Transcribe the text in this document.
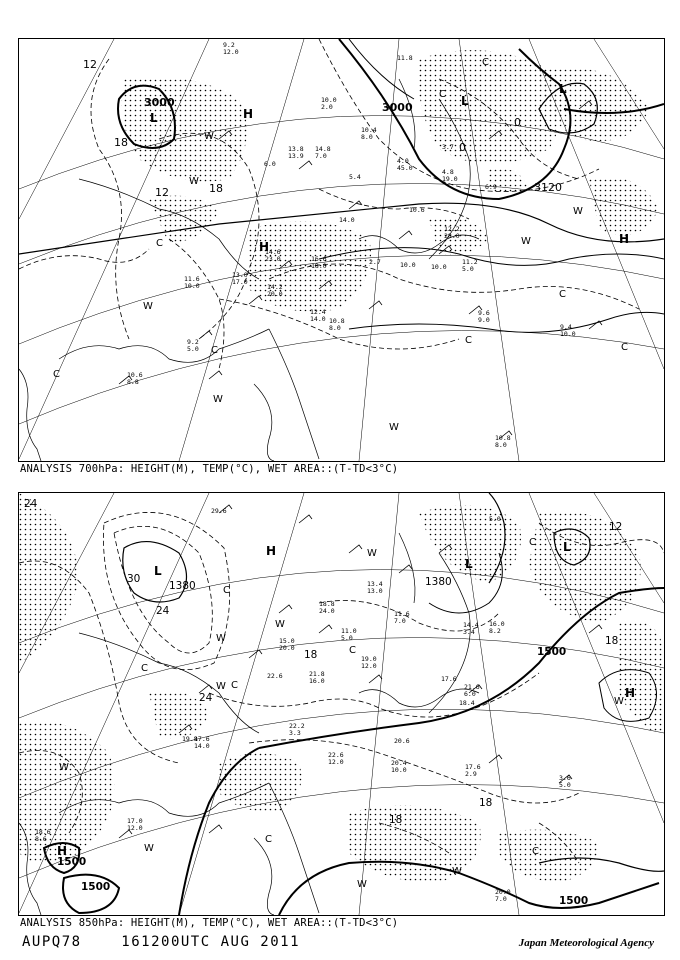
3000	3000
3120
18
12
12
18
0
0
L
L
L
H
H
H
W
W
W
W
W
W
W
C
C
C
C
C
C
C
C
9.2
12.0
10.0
2.0
11.8
13.8 14.8
7.0
6.0
13.9
10.4
8.0
5.4
4.0
45.0
10.6
14.0
2.7	10.0
16.6
18.0
12.2
28.0
10.0
11.2
5.0
14.6
23.0
13.0
17.0
14.2
20.0
12.4
14.0 10.8
8.0	9.4
10.0
9.6
9.0
11.6
10.0
9.2
5.0
10.6
8.8
10.8
8.0
4.8
19.0
3.7
6.9
ANALYSIS 700hPa: HEIGHT(M), TEMP(°C), WET AREA::(T-TD<3°C)
1380	1380
1500
1500
1500
1500
30
24
24
24
18
18
18
18
12
L	L
L
H
H
H
W
W
W
W
W
W
W
W
W
C
C
C
C
C
C
C
29.6
18.8
24.0
13.4
13.0
11.6
7.0
15.0
11.0
20.0
5.0
22.6	21.8
19.0
16.0
12.0
17.6
20.6
21.6
6.0
22.2
3.3
17.6
14.0
22.6
12.0	20.4
10.0
18.4
5.0
17.6
2.9
20.0
7.0
18.6
8.6
19.8
3.6
16.0
17.0
12.0
8.2
14.4
3.4
5.0
ANALYSIS 850hPa: HEIGHT(M), TEMP(°C), WET AREA::(T-TD<3°C)
AUPQ78	161200UTC AUG 2011	Japan Meteorological Agency
